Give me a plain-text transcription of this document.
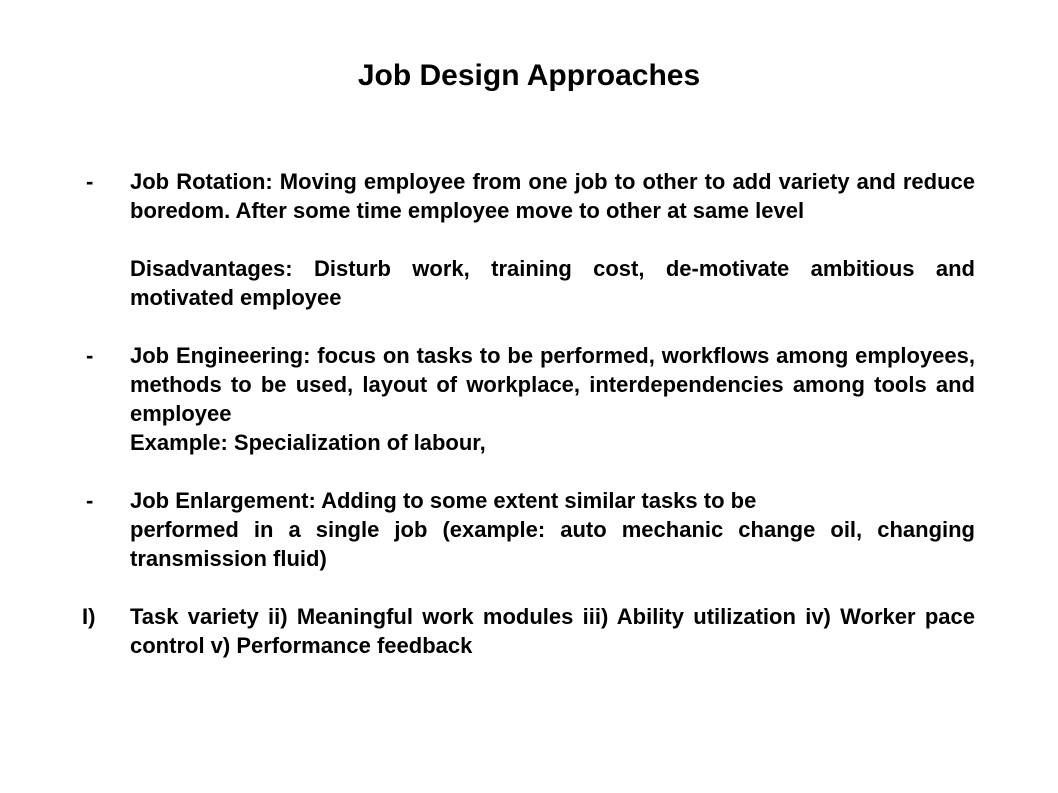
Job Design Approaches
-	Job Rotation: Moving employee from one job to other to add variety and reduce boredom. After some time employee move to other at same level

Disadvantages: Disturb work, training cost, de-motivate ambitious and motivated employee

-	Job Engineering: focus on tasks to be performed, workflows among employees, methods to be used, layout of workplace, interdependencies among tools and employee

Example: Specialization of labour,

-	Job Enlargement: Adding to some extent similar tasks to be

performed in a single job (example: auto mechanic change oil, changing transmission fluid)

I)	Task variety ii) Meaningful work modules iii) Ability utilization iv) Worker pace control v) Performance feedback
